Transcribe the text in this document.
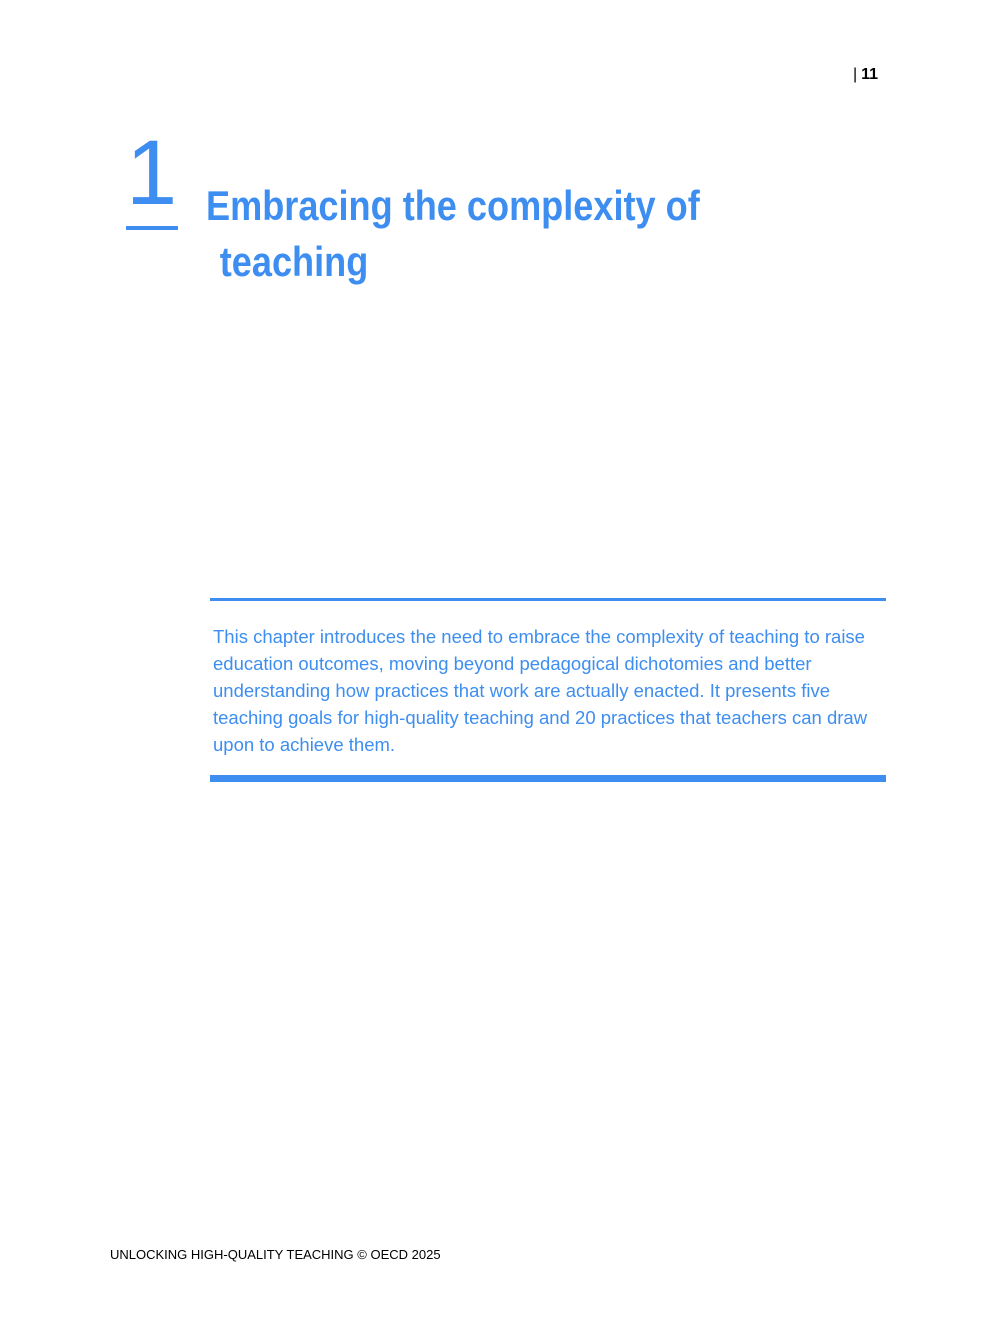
| 11
1 Embracing the complexity of
teaching
This chapter introduces the need to embrace the complexity of teaching to raise education outcomes, moving beyond pedagogical dichotomies and better understanding how practices that work are actually enacted. It presents five teaching goals for high-quality teaching and 20 practices that teachers can draw upon to achieve them.
UNLOCKING HIGH-QUALITY TEACHING © OECD 2025
